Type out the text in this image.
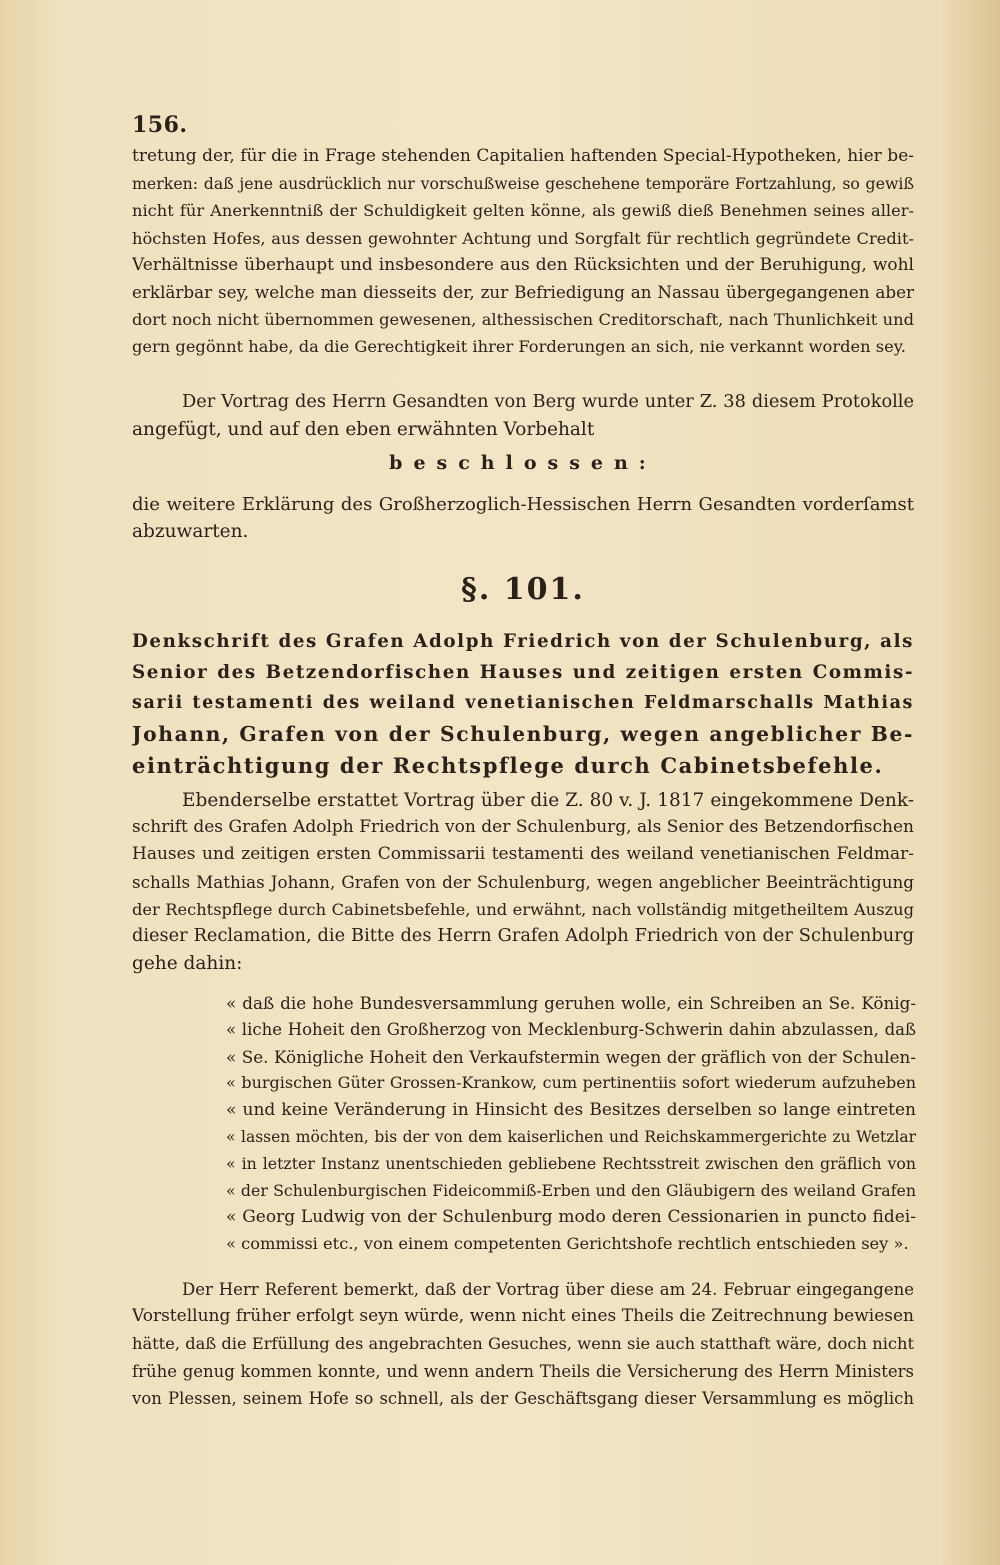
156.
tretung der, für die in Frage stehenden Capitalien haftenden Special-Hypotheken, hier be-
merken: daß jene ausdrücklich nur vorschußweise geschehene temporäre Fortzahlung, so gewiß
nicht für Anerkenntniß der Schuldigkeit gelten könne, als gewiß dieß Benehmen seines aller-
höchsten Hofes, aus dessen gewohnter Achtung und Sorgfalt für rechtlich gegründete Credit-
Verhältnisse überhaupt und insbesondere aus den Rücksichten und der Beruhigung, wohl
erklärbar sey, welche man diesseits der, zur Befriedigung an Nassau übergegangenen aber
dort noch nicht übernommen gewesenen, althessischen Creditorschaft, nach Thunlichkeit und
gern gegönnt habe, da die Gerechtigkeit ihrer Forderungen an sich, nie verkannt worden sey.
Der Vortrag des Herrn Gesandten von Berg wurde unter Z. 38 diesem Protokolle
angefügt, und auf den eben erwähnten Vorbehalt
beschlossen:
die weitere Erklärung des Großherzoglich-Hessischen Herrn Gesandten vorderſamst
abzuwarten.
§. 101.
Denkschrift des Grafen Adolph Friedrich von der Schulenburg, als
Senior des Betzendorfischen Hauses und zeitigen ersten Commis-
sarii testamenti des weiland venetianischen Feldmarschalls Mathias
Johann, Grafen von der Schulenburg, wegen angeblicher Be-
einträchtigung der Rechtspflege durch Cabinetsbefehle.
Ebenderselbe erstattet Vortrag über die Z. 80 v. J. 1817 eingekommene Denk-
schrift des Grafen Adolph Friedrich von der Schulenburg, als Senior des Betzendorfischen
Hauses und zeitigen ersten Commissarii testamenti des weiland venetianischen Feldmar-
schalls Mathias Johann, Grafen von der Schulenburg, wegen angeblicher Beeinträchtigung
der Rechtspflege durch Cabinetsbefehle, und erwähnt, nach vollständig mitgetheiltem Auszug
dieser Reclamation, die Bitte des Herrn Grafen Adolph Friedrich von der Schulenburg
gehe dahin:
« daß die hohe Bundesversammlung geruhen wolle, ein Schreiben an Se. König-
« liche Hoheit den Großherzog von Mecklenburg-Schwerin dahin abzulassen, daß
« Se. Königliche Hoheit den Verkaufstermin wegen der gräflich von der Schulen-
« burgischen Güter Grossen-Krankow, cum pertinentiis sofort wiederum aufzuheben
« und keine Veränderung in Hinsicht des Besitzes derselben so lange eintreten
« lassen möchten, bis der von dem kaiserlichen und Reichskammergerichte zu Wetzlar
« in letzter Instanz unentschieden gebliebene Rechtsstreit zwischen den gräflich von
« der Schulenburgischen Fideicommiß-Erben und den Gläubigern des weiland Grafen
« Georg Ludwig von der Schulenburg modo deren Cessionarien in puncto fidei-
« commissi etc., von einem competenten Gerichtshofe rechtlich entschieden sey ».
Der Herr Referent bemerkt, daß der Vortrag über diese am 24. Februar eingegangene
Vorstellung früher erfolgt seyn würde, wenn nicht eines Theils die Zeitrechnung bewiesen
hätte, daß die Erfüllung des angebrachten Gesuches, wenn sie auch statthaft wäre, doch nicht
frühe genug kommen konnte, und wenn andern Theils die Versicherung des Herrn Ministers
von Plessen, seinem Hofe so schnell, als der Geschäftsgang dieser Versammlung es möglich
